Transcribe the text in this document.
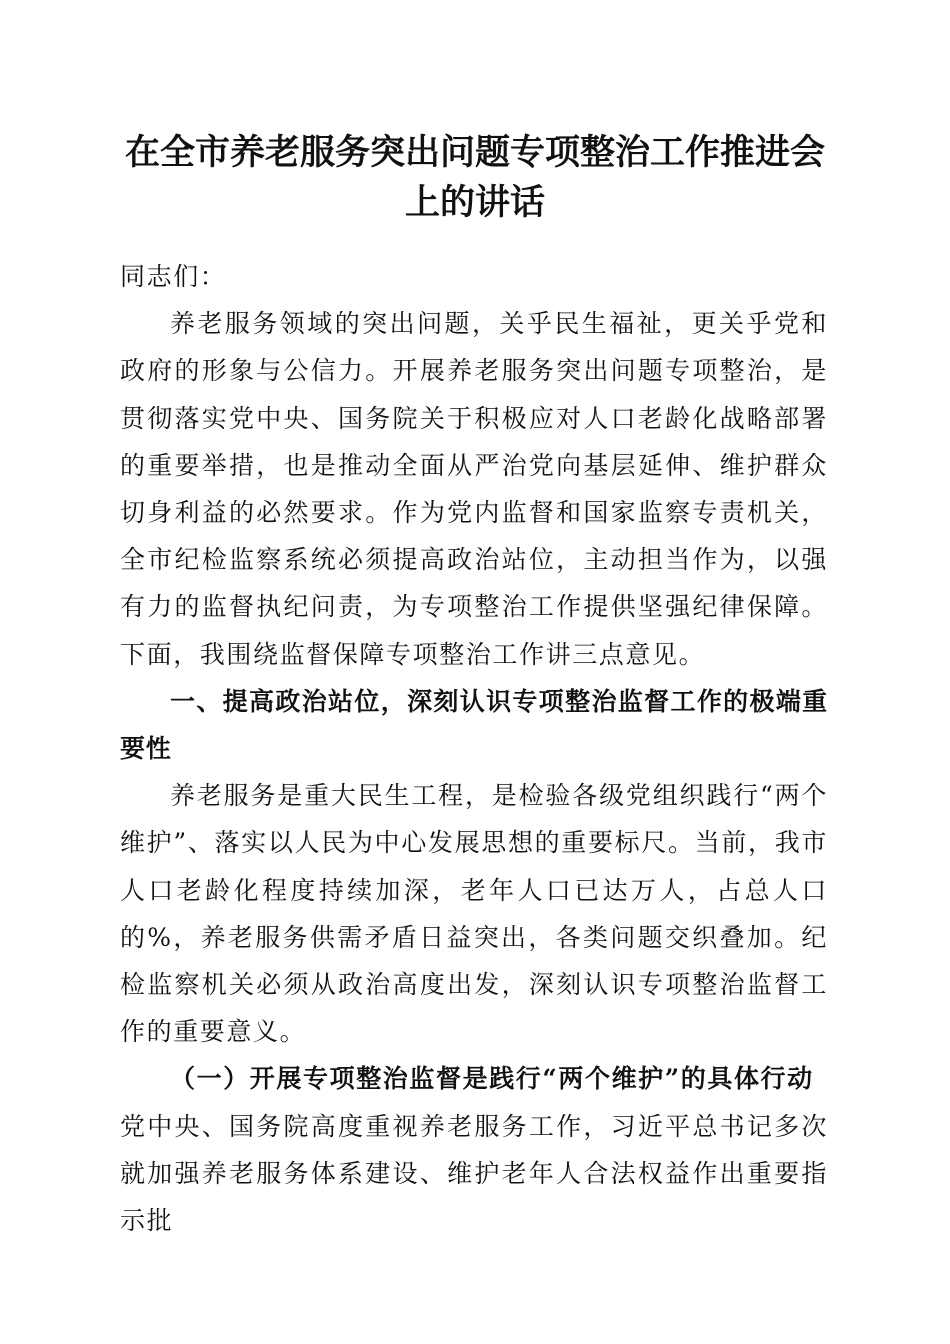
在全市养老服务突出问题专项整治工作推进会上的讲话

同志们：

养老服务领域的突出问题，关乎民生福祉，更关乎党和政府的形象与公信力。开展养老服务突出问题专项整治，是贯彻落实党中央、国务院关于积极应对人口老龄化战略部署的重要举措，也是推动全面从严治党向基层延伸、维护群众切身利益的必然要求。作为党内监督和国家监察专责机关，全市纪检监察系统必须提高政治站位，主动担当作为，以强有力的监督执纪问责，为专项整治工作提供坚强纪律保障。下面，我围绕监督保障专项整治工作讲三点意见。

一、提高政治站位，深刻认识专项整治监督工作的极端重要性

养老服务是重大民生工程，是检验各级党组织践行“两个维护”、落实以人民为中心发展思想的重要标尺。当前，我市人口老龄化程度持续加深，老年人口已达万人，占总人口的%，养老服务供需矛盾日益突出，各类问题交织叠加。纪检监察机关必须从政治高度出发，深刻认识专项整治监督工作的重要意义。

（一）开展专项整治监督是践行“两个维护”的具体行动

党中央、国务院高度重视养老服务工作，习近平总书记多次就加强养老服务体系建设、维护老年人合法权益作出重要指示批
